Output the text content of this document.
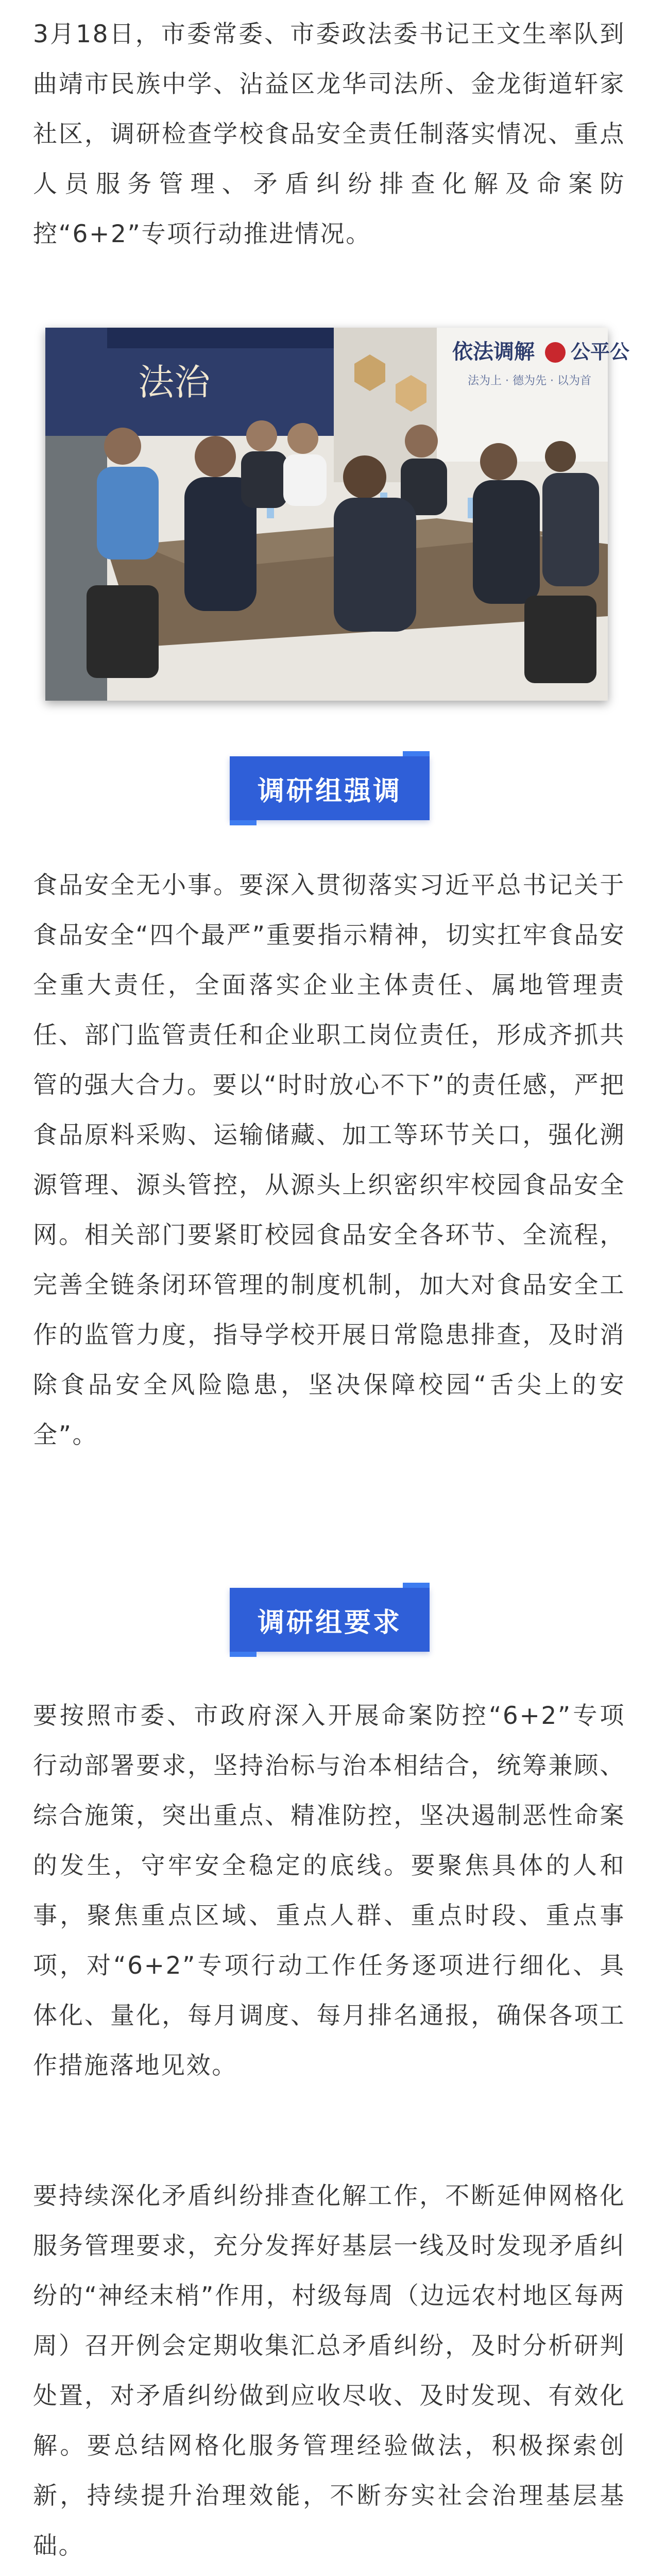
3月18日，市委常委、市委政法委书记王文生率队到曲靖市民族中学、沾益区龙华司法所、金龙街道轩家社区，调研检查学校食品安全责任制落实情况、重点人员服务管理、矛盾纠纷排查化解及命案防控“6+2”专项行动推进情况。

法治
依法调解 公平公
法为上 · 德为先 · 以为首
调研组强调

食品安全无小事。要深入贯彻落实习近平总书记关于食品安全“四个最严”重要指示精神，切实扛牢食品安全重大责任，全面落实企业主体责任、属地管理责任、部门监管责任和企业职工岗位责任，形成齐抓共管的强大合力。要以“时时放心不下”的责任感，严把食品原料采购、运输储藏、加工等环节关口，强化溯源管理、源头管控，从源头上织密织牢校园食品安全网。相关部门要紧盯校园食品安全各环节、全流程，完善全链条闭环管理的制度机制，加大对食品安全工作的监管力度，指导学校开展日常隐患排查，及时消除食品安全风险隐患，坚决保障校园“舌尖上的安全”。

调研组要求

要按照市委、市政府深入开展命案防控“6+2”专项行动部署要求，坚持治标与治本相结合，统筹兼顾、综合施策，突出重点、精准防控，坚决遏制恶性命案的发生，守牢安全稳定的底线。要聚焦具体的人和事，聚焦重点区域、重点人群、重点时段、重点事项，对“6+2”专项行动工作任务逐项进行细化、具体化、量化，每月调度、每月排名通报，确保各项工作措施落地见效。

要持续深化矛盾纠纷排查化解工作，不断延伸网格化服务管理要求，充分发挥好基层一线及时发现矛盾纠纷的“神经末梢”作用，村级每周（边远农村地区每两周）召开例会定期收集汇总矛盾纠纷，及时分析研判处置，对矛盾纠纷做到应收尽收、及时发现、有效化解。要总结网格化服务管理经验做法，积极探索创新，持续提升治理效能，不断夯实社会治理基层基础。
